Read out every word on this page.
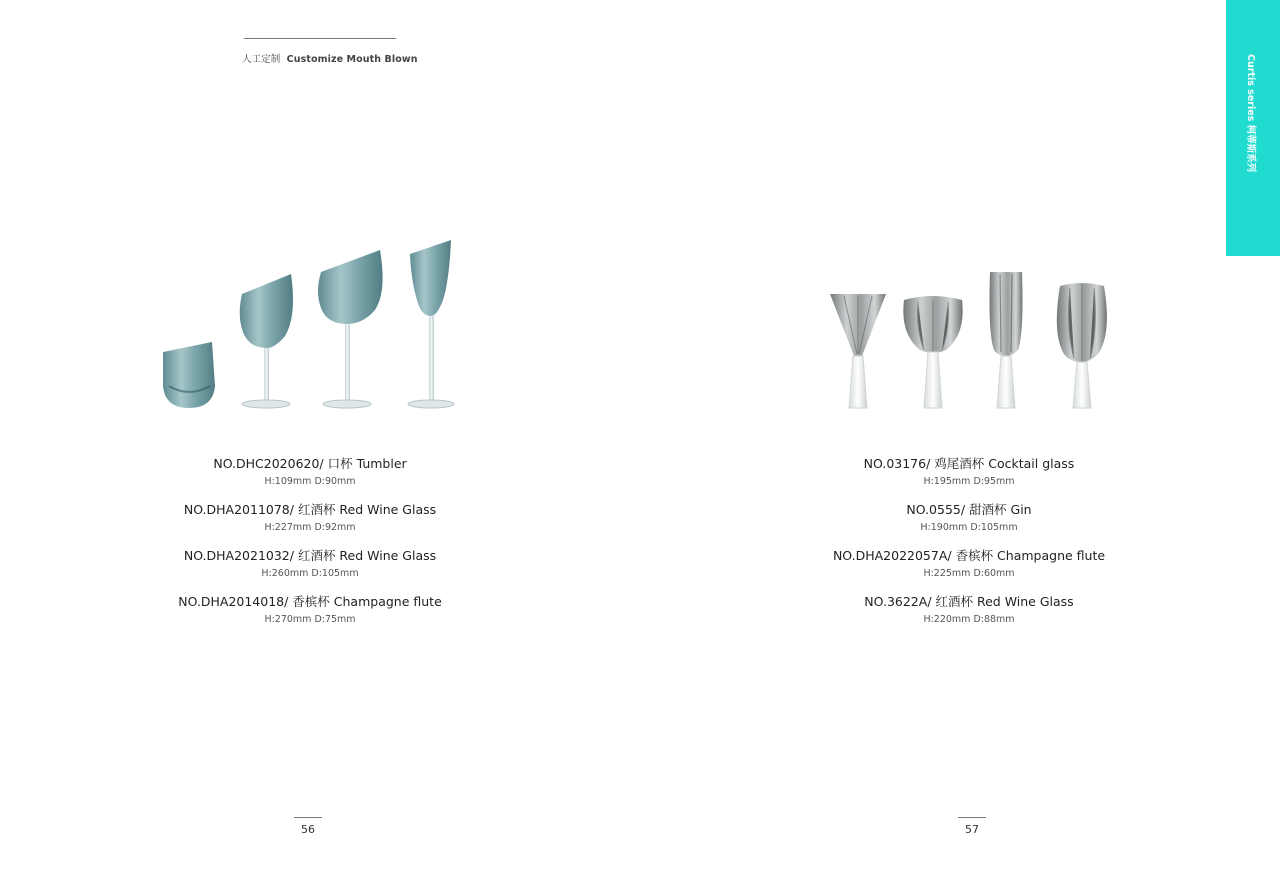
人工定制 Customize Mouth Blown	Curtis series 柯蒂斯系列
NO.DHC2020620/ 口杯 Tumbler
H:109mm D:90mm
NO.DHA2011078/ 红酒杯 Red Wine Glass
H:227mm D:92mm
NO.DHA2021032/ 红酒杯 Red Wine Glass
H:260mm D:105mm
NO.DHA2014018/ 香槟杯 Champagne flute
H:270mm D:75mm
NO.03176/ 鸡尾酒杯 Cocktail glass
H:195mm D:95mm
NO.0555/ 甜酒杯 Gin
H:190mm D:105mm
NO.DHA2022057A/ 香槟杯 Champagne flute
H:225mm D:60mm
NO.3622A/ 红酒杯 Red Wine Glass
H:220mm D:88mm
56	57
